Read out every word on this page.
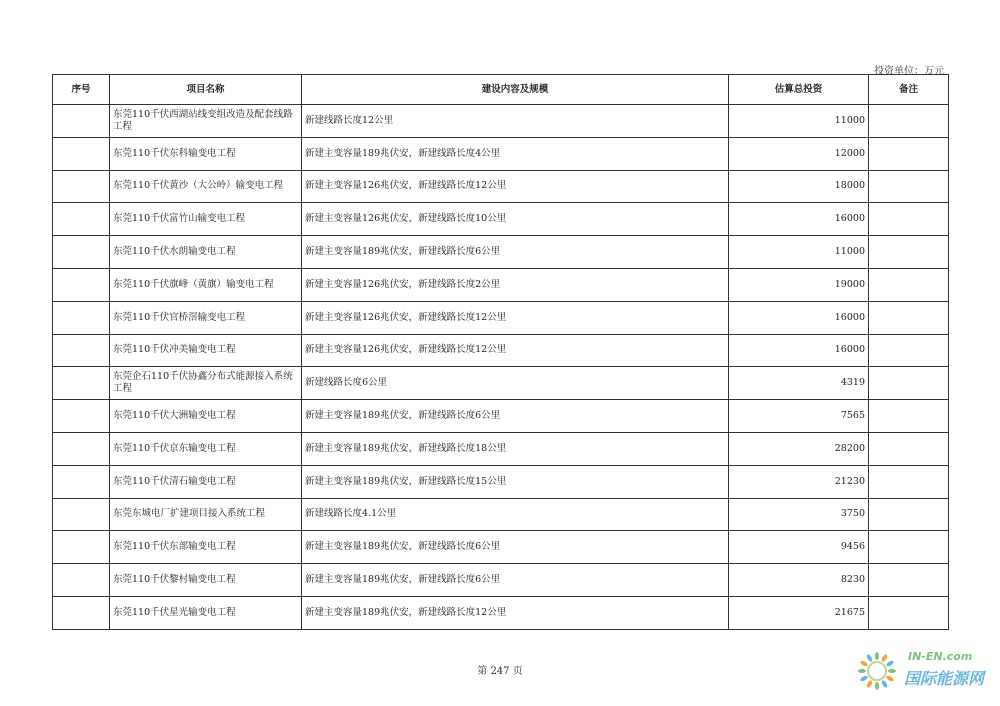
投资单位：万元
序号	项目名称	建设内容及规模	估算总投资	备注
	东莞110千伏西湖站线变组改造及配套线路工程	新建线路长度12公里	11000	
	东莞110千伏东科输变电工程	新建主变容量189兆伏安，新建线路长度4公里	12000	
	东莞110千伏黄沙（大公岭）输变电工程	新建主变容量126兆伏安，新建线路长度12公里	18000	
	东莞110千伏富竹山输变电工程	新建主变容量126兆伏安，新建线路长度10公里	16000	
	东莞110千伏水朗输变电工程	新建主变容量189兆伏安，新建线路长度6公里	11000	
	东莞110千伏旗峰（黄旗）输变电工程	新建主变容量126兆伏安，新建线路长度2公里	19000	
	东莞110千伏官桥滘输变电工程	新建主变容量126兆伏安，新建线路长度12公里	16000	
	东莞110千伏冲美输变电工程	新建主变容量126兆伏安，新建线路长度12公里	16000	
	东莞企石110千伏协鑫分布式能源接入系统工程	新建线路长度6公里	4319	
	东莞110千伏大洲输变电工程	新建主变容量189兆伏安，新建线路长度6公里	7565	
	东莞110千伏京东输变电工程	新建主变容量189兆伏安，新建线路长度18公里	28200	
	东莞110千伏清石输变电工程	新建主变容量189兆伏安，新建线路长度15公里	21230	
	东莞东城电厂扩建项目接入系统工程	新建线路长度4.1公里	3750	
	东莞110千伏东部输变电工程	新建主变容量189兆伏安，新建线路长度6公里	9456	
	东莞110千伏黎村输变电工程	新建主变容量189兆伏安，新建线路长度6公里	8230	
	东莞110千伏星光输变电工程	新建主变容量189兆伏安，新建线路长度12公里	21675	
第 247 页
IN-EN.com
国际能源网
